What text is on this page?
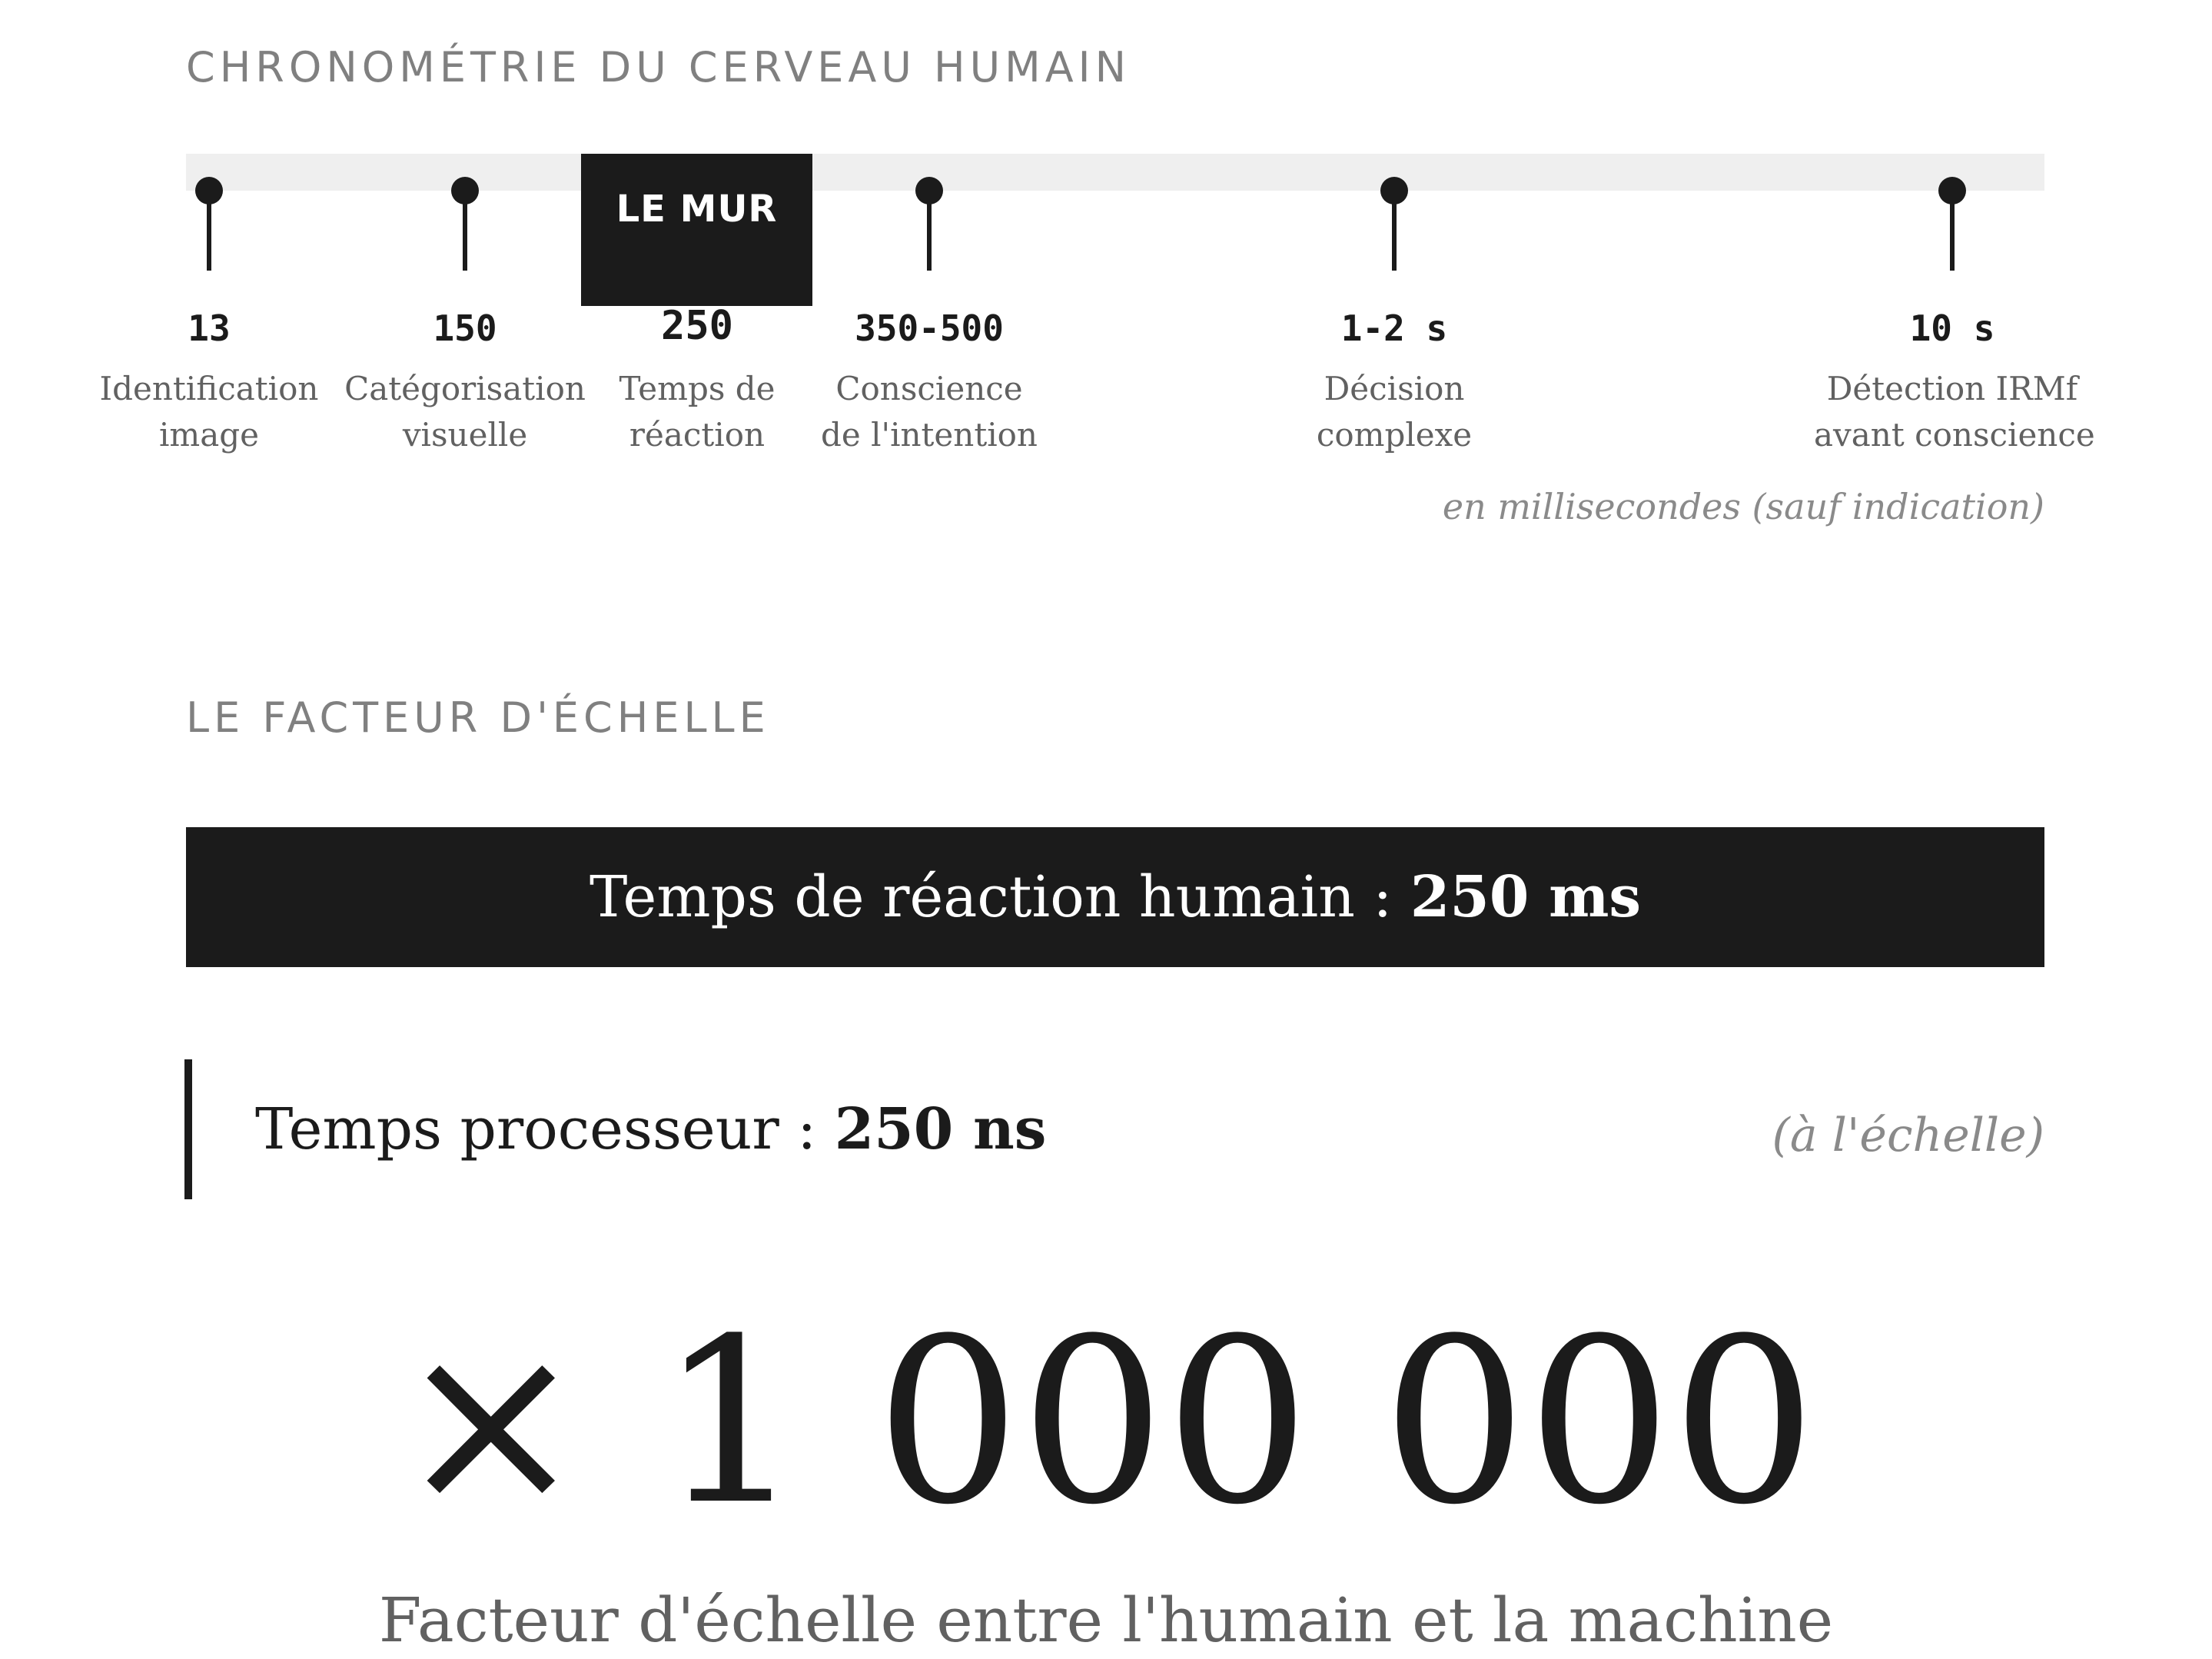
CHRONOMÉTRIE DU CERVEAU HUMAIN
LE MUR
13	150	250	350-500	1-2 s	10 s
Identification
image
Catégorisation
visuelle
Temps de
réaction
Conscience
de l'intention
Décision
complexe
Détection IRMf
avant conscience
en millisecondes (sauf indication)
LE FACTEUR D'ÉCHELLE
Temps de réaction humain : 250 ms
Temps processeur : 250 ns	(à l'échelle)
× 1 000 000
Facteur d'échelle entre l'humain et la machine
